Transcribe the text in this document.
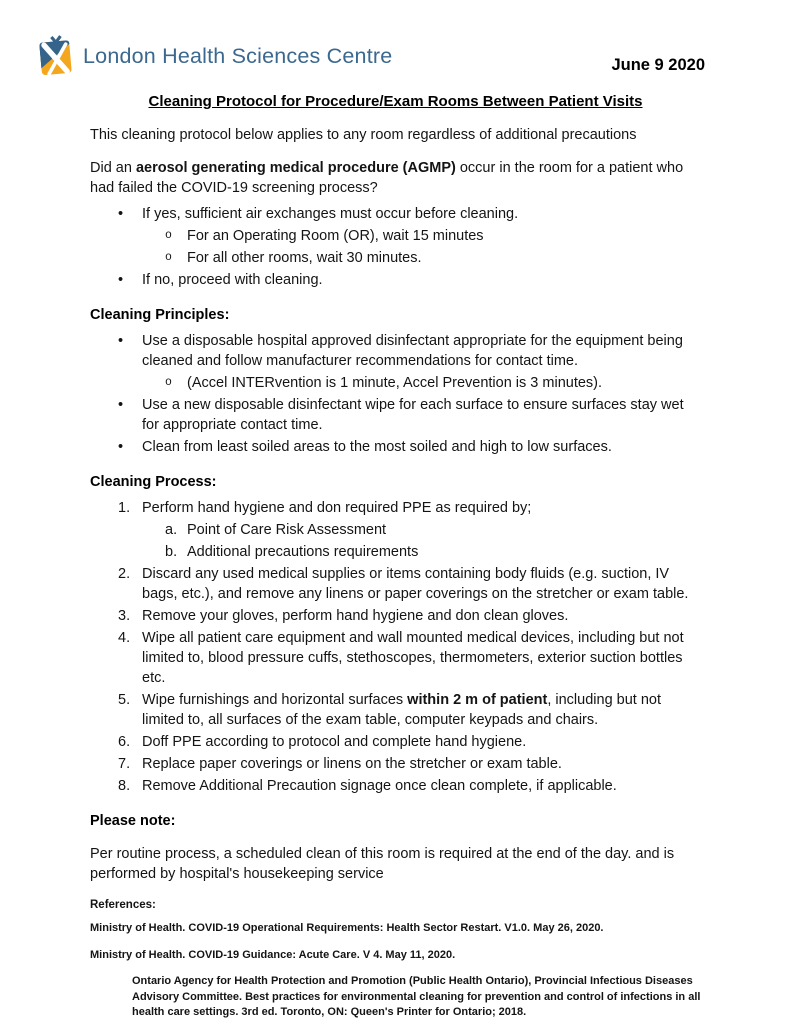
London Health Sciences Centre	June 9 2020
Cleaning Protocol for Procedure/Exam Rooms Between Patient Visits

This cleaning protocol below applies to any room regardless of additional precautions

Did an aerosol generating medical procedure (AGMP) occur in the room for a patient who had failed the COVID-19 screening process?

•	If yes, sufficient air exchanges must occur before cleaning.
o	For an Operating Room (OR), wait 15 minutes
o	For all other rooms, wait 30 minutes.
•	If no, proceed with cleaning.
Cleaning Principles:
•	Use a disposable hospital approved disinfectant appropriate for the equipment being cleaned and follow manufacturer recommendations for contact time.
o	(Accel INTERvention is 1 minute, Accel Prevention is 3 minutes).
•	Use a new disposable disinfectant wipe for each surface to ensure surfaces stay wet for appropriate contact time.
•	Clean from least soiled areas to the most soiled and high to low surfaces.
Cleaning Process:
1. Perform hand hygiene and don required PPE as required by;
a. Point of Care Risk Assessment
b. Additional precautions requirements
2. Discard any used medical supplies or items containing body fluids (e.g. suction, IV bags, etc.), and remove any linens or paper coverings on the stretcher or exam table.
3. Remove your gloves, perform hand hygiene and don clean gloves.
4. Wipe all patient care equipment and wall mounted medical devices, including but not limited to, blood pressure cuffs, stethoscopes, thermometers, exterior suction bottles etc.
5. Wipe furnishings and horizontal surfaces within 2 m of patient, including but not limited to, all surfaces of the exam table, computer keypads and chairs.
6. Doff PPE according to protocol and complete hand hygiene.
7. Replace paper coverings or linens on the stretcher or exam table.
8. Remove Additional Precaution signage once clean complete, if applicable.
Please note:

Per routine process, a scheduled clean of this room is required at the end of the day. and is performed by hospital's housekeeping service

References:

Ministry of Health. COVID-19 Operational Requirements: Health Sector Restart. V1.0. May 26, 2020.

Ministry of Health. COVID-19 Guidance: Acute Care. V 4. May 11, 2020.

Ontario Agency for Health Protection and Promotion (Public Health Ontario), Provincial Infectious Diseases Advisory Committee. Best practices for environmental cleaning for prevention and control of infections in all health care settings. 3rd ed. Toronto, ON: Queen's Printer for Ontario; 2018.
